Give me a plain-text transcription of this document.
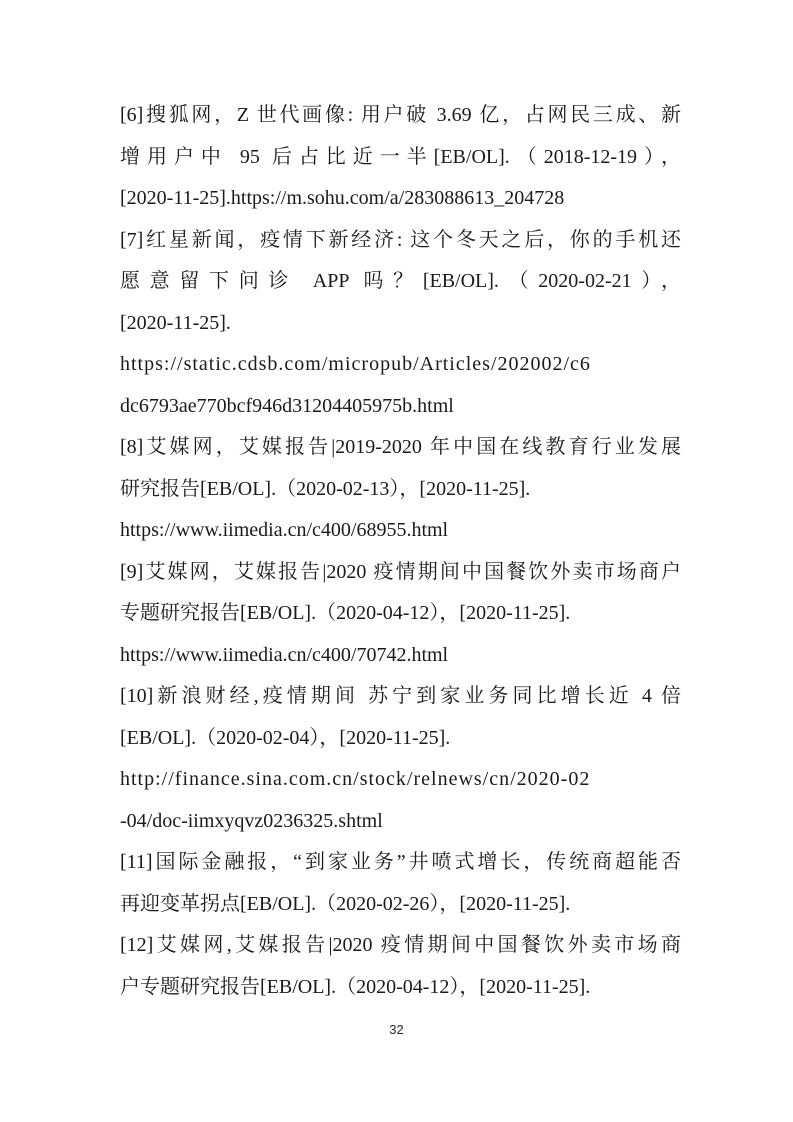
[6]搜狐网，Z 世代画像: 用户破 3.69 亿，占网民三成、新
增用户中 95 后占比近一半[EB/OL].（2018-12-19），
[2020-11-25].https://m.sohu.com/a/283088613_204728
[7]红星新闻，疫情下新经济: 这个冬天之后，你的手机还
愿意留下问诊 APP 吗？[EB/OL].（2020-02-21），
[2020-11-25].
https://static.cdsb.com/micropub/Articles/202002/c6
dc6793ae770bcf946d31204405975b.html
[8]艾媒网，艾媒报告|2019-2020 年中国在线教育行业发展
研究报告[EB/OL].（2020-02-13），[2020-11-25].
https://www.iimedia.cn/c400/68955.html
[9]艾媒网，艾媒报告|2020 疫情期间中国餐饮外卖市场商户
专题研究报告[EB/OL].（2020-04-12），[2020-11-25].
https://www.iimedia.cn/c400/70742.html
[10]新浪财经,疫情期间 苏宁到家业务同比增长近 4 倍
[EB/OL].（2020-02-04），[2020-11-25].
http://finance.sina.com.cn/stock/relnews/cn/2020-02
-04/doc-iimxyqvz0236325.shtml
[11]国际金融报，“到家业务”井喷式增长，传统商超能否
再迎变革拐点[EB/OL].（2020-02-26），[2020-11-25].
[12]艾媒网,艾媒报告|2020 疫情期间中国餐饮外卖市场商
户专题研究报告[EB/OL].（2020-04-12），[2020-11-25].
32
